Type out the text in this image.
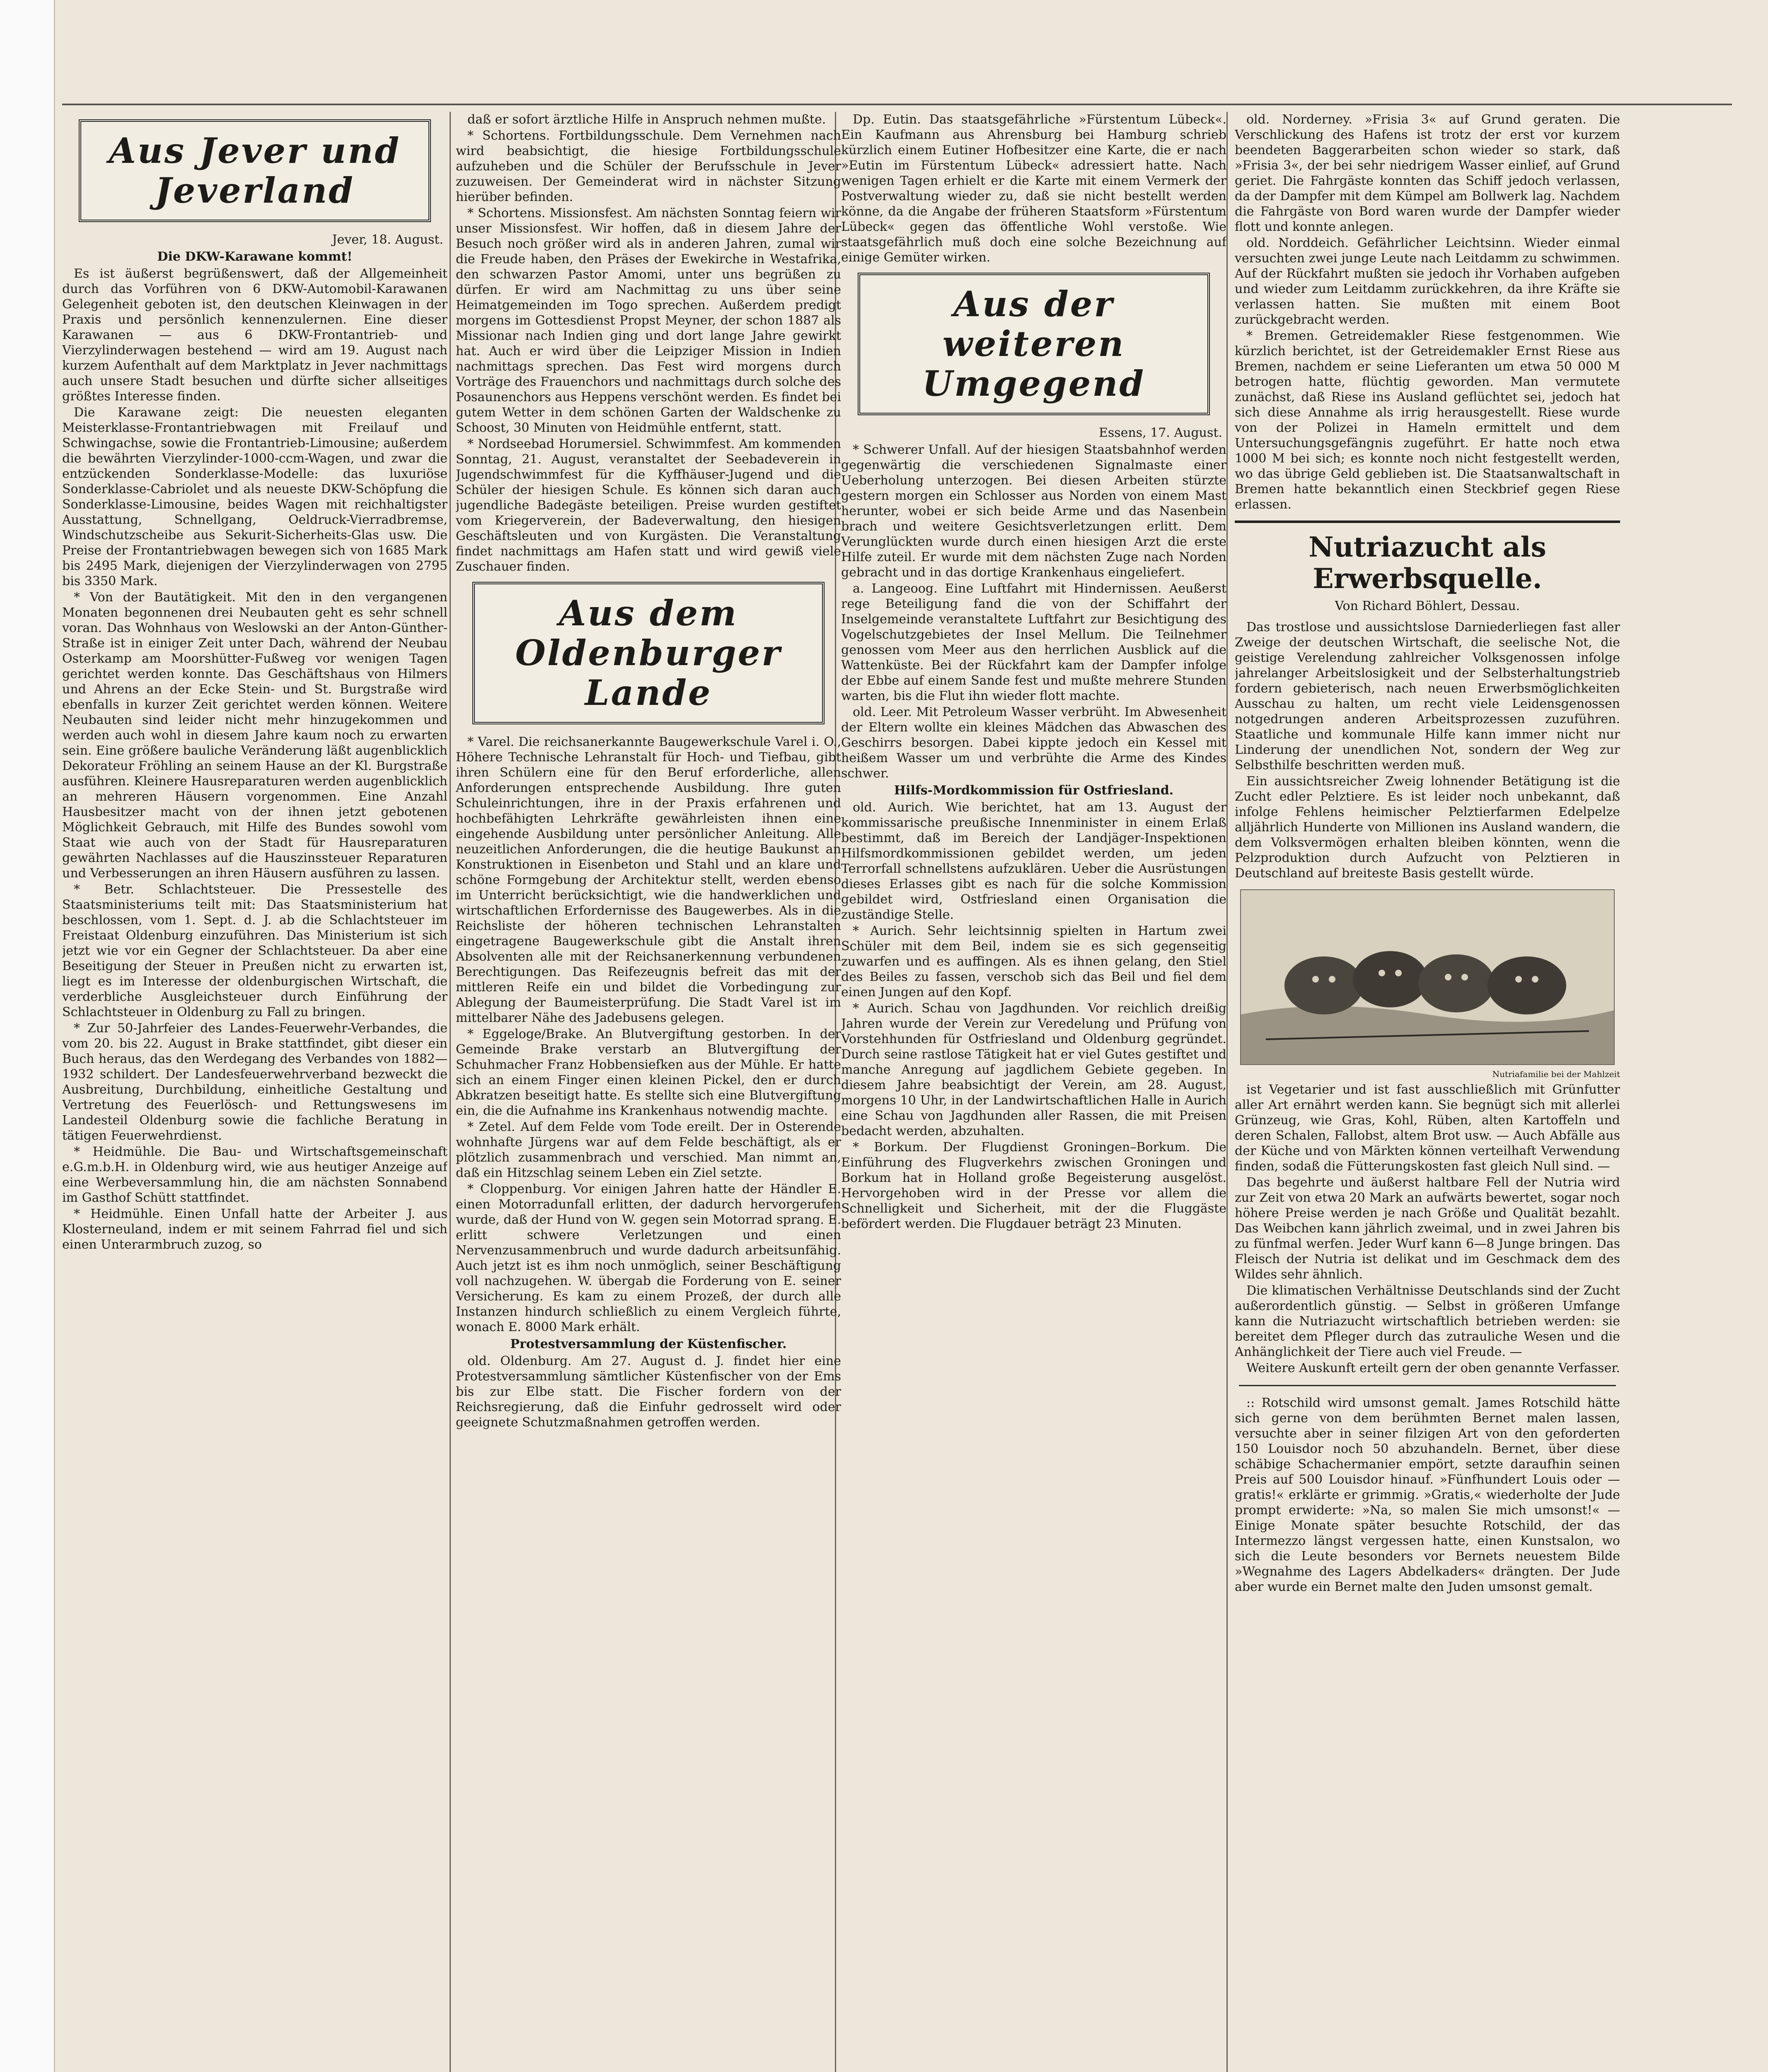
Aus Jever und Jeverland
Jever, 18. August.
Die DKW-Karawane kommt!

Es ist äußerst begrüßenswert, daß der Allgemeinheit durch das Vorführen von 6 DKW-Automobil-Karawanen Gelegenheit geboten ist, den deutschen Kleinwagen in der Praxis und persönlich kennenzulernen. Eine dieser Karawanen — aus 6 DKW-Frontantrieb- und Vierzylinderwagen bestehend — wird am 19. August nach kurzem Aufenthalt auf dem Marktplatz in Jever nachmittags auch unsere Stadt besuchen und dürfte sicher allseitiges größtes Interesse finden.

Die Karawane zeigt: Die neuesten eleganten Meisterklasse-Frontantriebwagen mit Freilauf und Schwingachse, sowie die Frontantrieb-Limousine; außerdem die bewährten Vierzylinder-1000-ccm-Wagen, und zwar die entzückenden Sonderklasse-Modelle: das luxuriöse Sonderklasse-Cabriolet und als neueste DKW-Schöpfung die Sonderklasse-Limousine, beides Wagen mit reichhaltigster Ausstattung, Schnellgang, Oeldruck-Vierradbremse, Windschutzscheibe aus Sekurit-Sicherheits-Glas usw. Die Preise der Frontantriebwagen bewegen sich von 1685 Mark bis 2495 Mark, diejenigen der Vierzylinderwagen von 2795 bis 3350 Mark.

* Von der Bautätigkeit. Mit den in den vergangenen Monaten begonnenen drei Neubauten geht es sehr schnell voran. Das Wohnhaus von Weslowski an der Anton-Günther-Straße ist in einiger Zeit unter Dach, während der Neubau Osterkamp am Moorshütter-Fußweg vor wenigen Tagen gerichtet werden konnte. Das Geschäftshaus von Hilmers und Ahrens an der Ecke Stein- und St. Burgstraße wird ebenfalls in kurzer Zeit gerichtet werden können. Weitere Neubauten sind leider nicht mehr hinzugekommen und werden auch wohl in diesem Jahre kaum noch zu erwarten sein. Eine größere bauliche Veränderung läßt augenblicklich Dekorateur Fröhling an seinem Hause an der Kl. Burgstraße ausführen. Kleinere Hausreparaturen werden augenblicklich an mehreren Häusern vorgenommen. Eine Anzahl Hausbesitzer macht von der ihnen jetzt gebotenen Möglichkeit Gebrauch, mit Hilfe des Bundes sowohl vom Staat wie auch von der Stadt für Hausreparaturen gewährten Nachlasses auf die Hauszinssteuer Reparaturen und Verbesserungen an ihren Häusern ausführen zu lassen.

* Betr. Schlachtsteuer. Die Pressestelle des Staatsministeriums teilt mit: Das Staatsministerium hat beschlossen, vom 1. Sept. d. J. ab die Schlachtsteuer im Freistaat Oldenburg einzuführen. Das Ministerium ist sich jetzt wie vor ein Gegner der Schlachtsteuer. Da aber eine Beseitigung der Steuer in Preußen nicht zu erwarten ist, liegt es im Interesse der oldenburgischen Wirtschaft, die verderbliche Ausgleichsteuer durch Einführung der Schlachtsteuer in Oldenburg zu Fall zu bringen.

* Zur 50-Jahrfeier des Landes-Feuerwehr-Verbandes, die vom 20. bis 22. August in Brake stattfindet, gibt dieser ein Buch heraus, das den Werdegang des Verbandes von 1882—1932 schildert. Der Landesfeuerwehrverband bezweckt die Ausbreitung, Durchbildung, einheitliche Gestaltung und Vertretung des Feuerlösch- und Rettungswesens im Landesteil Oldenburg sowie die fachliche Beratung in tätigen Feuerwehrdienst.

* Heidmühle. Die Bau- und Wirtschaftsgemeinschaft e.G.m.b.H. in Oldenburg wird, wie aus heutiger Anzeige auf eine Werbeversammlung hin, die am nächsten Sonnabend im Gasthof Schütt stattfindet.

* Heidmühle. Einen Unfall hatte der Arbeiter J. aus Klosterneuland, indem er mit seinem Fahrrad fiel und sich einen Unterarmbruch zuzog, so

daß er sofort ärztliche Hilfe in Anspruch nehmen mußte.

* Schortens. Fortbildungsschule. Dem Vernehmen nach wird beabsichtigt, die hiesige Fortbildungsschule aufzuheben und die Schüler der Berufsschule in Jever zuzuweisen. Der Gemeinderat wird in nächster Sitzung hierüber befinden.

* Schortens. Missionsfest. Am nächsten Sonntag feiern wir unser Missionsfest. Wir hoffen, daß in diesem Jahre der Besuch noch größer wird als in anderen Jahren, zumal wir die Freude haben, den Präses der Ewekirche in Westafrika, den schwarzen Pastor Amomi, unter uns begrüßen zu dürfen. Er wird am Nachmittag zu uns über seine Heimatgemeinden im Togo sprechen. Außerdem predigt morgens im Gottesdienst Propst Meyner, der schon 1887 als Missionar nach Indien ging und dort lange Jahre gewirkt hat. Auch er wird über die Leipziger Mission in Indien nachmittags sprechen. Das Fest wird morgens durch Vorträge des Frauenchors und nachmittags durch solche des Posaunenchors aus Heppens verschönt werden. Es findet bei gutem Wetter in dem schönen Garten der Waldschenke zu Schoost, 30 Minuten von Heidmühle entfernt, statt.

* Nordseebad Horumersiel. Schwimmfest. Am kommenden Sonntag, 21. August, veranstaltet der Seebadeverein in Jugendschwimmfest für die Kyffhäuser-Jugend und die Schüler der hiesigen Schule. Es können sich daran auch jugendliche Badegäste beteiligen. Preise wurden gestiftet vom Kriegerverein, der Badeverwaltung, den hiesigen Geschäftsleuten und von Kurgästen. Die Veranstaltung findet nachmittags am Hafen statt und wird gewiß viele Zuschauer finden.

Aus dem Oldenburger Lande

* Varel. Die reichsanerkannte Baugewerkschule Varel i. O., Höhere Technische Lehranstalt für Hoch- und Tiefbau, gibt ihren Schülern eine für den Beruf erforderliche, allen Anforderungen entsprechende Ausbildung. Ihre guten Schuleinrichtungen, ihre in der Praxis erfahrenen und hochbefähigten Lehrkräfte gewährleisten ihnen eine eingehende Ausbildung unter persönlicher Anleitung. Alle neuzeitlichen Anforderungen, die die heutige Baukunst an Konstruktionen in Eisenbeton und Stahl und an klare und schöne Formgebung der Architektur stellt, werden ebenso im Unterricht berücksichtigt, wie die handwerklichen und wirtschaftlichen Erfordernisse des Baugewerbes. Als in die Reichsliste der höheren technischen Lehranstalten eingetragene Baugewerkschule gibt die Anstalt ihren Absolventen alle mit der Reichsanerkennung verbundenen Berechtigungen. Das Reifezeugnis befreit das mit der mittleren Reife ein und bildet die Vorbedingung zur Ablegung der Baumeisterprüfung. Die Stadt Varel ist im mittelbarer Nähe des Jadebusens gelegen.

* Eggeloge/Brake. An Blutvergiftung gestorben. In der Gemeinde Brake verstarb an Blutvergiftung der Schuhmacher Franz Hobbensiefken aus der Mühle. Er hatte sich an einem Finger einen kleinen Pickel, den er durch Abkratzen beseitigt hatte. Es stellte sich eine Blutvergiftung ein, die die Aufnahme ins Krankenhaus notwendig machte.

* Zetel. Auf dem Felde vom Tode ereilt. Der in Osterende wohnhafte Jürgens war auf dem Felde beschäftigt, als er plötzlich zusammenbrach und verschied. Man nimmt an, daß ein Hitzschlag seinem Leben ein Ziel setzte.

* Cloppenburg. Vor einigen Jahren hatte der Händler E. einen Motorradunfall erlitten, der dadurch hervorgerufen wurde, daß der Hund von W. gegen sein Motorrad sprang. E. erlitt schwere Verletzungen und einen Nervenzusammenbruch und wurde dadurch arbeitsunfähig. Auch jetzt ist es ihm noch unmöglich, seiner Beschäftigung voll nachzugehen. W. übergab die Forderung von E. seiner Versicherung. Es kam zu einem Prozeß, der durch alle Instanzen hindurch schließlich zu einem Vergleich führte, wonach E. 8000 Mark erhält.

Protestversammlung der Küstenfischer.

old. Oldenburg. Am 27. August d. J. findet hier eine Protestversammlung sämtlicher Küstenfischer von der Ems bis zur Elbe statt. Die Fischer fordern von der Reichsregierung, daß die Einfuhr gedrosselt wird oder geeignete Schutzmaßnahmen getroffen werden.

Dp. Eutin. Das staatsgefährliche »Fürstentum Lübeck«. Ein Kaufmann aus Ahrensburg bei Hamburg schrieb kürzlich einem Eutiner Hofbesitzer eine Karte, die er nach »Eutin im Fürstentum Lübeck« adressiert hatte. Nach wenigen Tagen erhielt er die Karte mit einem Vermerk der Postverwaltung wieder zu, daß sie nicht bestellt werden könne, da die Angabe der früheren Staatsform »Fürstentum Lübeck« gegen das öffentliche Wohl verstoße. Wie staatsgefährlich muß doch eine solche Bezeichnung auf einige Gemüter wirken.

Aus der weiteren Umgegend
Essens, 17. August.

* Schwerer Unfall. Auf der hiesigen Staatsbahnhof werden gegenwärtig die verschiedenen Signalmaste einer Ueberholung unterzogen. Bei diesen Arbeiten stürzte gestern morgen ein Schlosser aus Norden von einem Mast herunter, wobei er sich beide Arme und das Nasenbein brach und weitere Gesichtsverletzungen erlitt. Dem Verunglückten wurde durch einen hiesigen Arzt die erste Hilfe zuteil. Er wurde mit dem nächsten Zuge nach Norden gebracht und in das dortige Krankenhaus eingeliefert.

a. Langeoog. Eine Luftfahrt mit Hindernissen. Aeußerst rege Beteiligung fand die von der Schiffahrt der Inselgemeinde veranstaltete Luftfahrt zur Besichtigung des Vogelschutzgebietes der Insel Mellum. Die Teilnehmer genossen vom Meer aus den herrlichen Ausblick auf die Wattenküste. Bei der Rückfahrt kam der Dampfer infolge der Ebbe auf einem Sande fest und mußte mehrere Stunden warten, bis die Flut ihn wieder flott machte.

old. Leer. Mit Petroleum Wasser verbrüht. Im Abwesenheit der Eltern wollte ein kleines Mädchen das Abwaschen des Geschirrs besorgen. Dabei kippte jedoch ein Kessel mit heißem Wasser um und verbrühte die Arme des Kindes schwer.

Hilfs-Mordkommission für Ostfriesland.

old. Aurich. Wie berichtet, hat am 13. August der kommissarische preußische Innenminister in einem Erlaß bestimmt, daß im Bereich der Landjäger-Inspektionen Hilfsmordkommissionen gebildet werden, um jeden Terrorfall schnellstens aufzuklären. Ueber die Ausrüstungen dieses Erlasses gibt es nach für die solche Kommission gebildet wird, Ostfriesland einen Organisation die zuständige Stelle.

* Aurich. Sehr leichtsinnig spielten in Hartum zwei Schüler mit dem Beil, indem sie es sich gegenseitig zuwarfen und es auffingen. Als es ihnen gelang, den Stiel des Beiles zu fassen, verschob sich das Beil und fiel dem einen Jungen auf den Kopf.

* Aurich. Schau von Jagdhunden. Vor reichlich dreißig Jahren wurde der Verein zur Veredelung und Prüfung von Vorstehhunden für Ostfriesland und Oldenburg gegründet. Durch seine rastlose Tätigkeit hat er viel Gutes gestiftet und manche Anregung auf jagdlichem Gebiete gegeben. In diesem Jahre beabsichtigt der Verein, am 28. August, morgens 10 Uhr, in der Landwirtschaftlichen Halle in Aurich eine Schau von Jagdhunden aller Rassen, die mit Preisen bedacht werden, abzuhalten.

* Borkum. Der Flugdienst Groningen–Borkum. Die Einführung des Flugverkehrs zwischen Groningen und Borkum hat in Holland große Begeisterung ausgelöst. Hervorgehoben wird in der Presse vor allem die Schnelligkeit und Sicherheit, mit der die Fluggäste befördert werden. Die Flugdauer beträgt 23 Minuten.

old. Norderney. »Frisia 3« auf Grund geraten. Die Verschlickung des Hafens ist trotz der erst vor kurzem beendeten Baggerarbeiten schon wieder so stark, daß »Frisia 3«, der bei sehr niedrigem Wasser einlief, auf Grund geriet. Die Fahrgäste konnten das Schiff jedoch verlassen, da der Dampfer mit dem Kümpel am Bollwerk lag. Nachdem die Fahrgäste von Bord waren wurde der Dampfer wieder flott und konnte anlegen.

old. Norddeich. Gefährlicher Leichtsinn. Wieder einmal versuchten zwei junge Leute nach Leitdamm zu schwimmen. Auf der Rückfahrt mußten sie jedoch ihr Vorhaben aufgeben und wieder zum Leitdamm zurückkehren, da ihre Kräfte sie verlassen hatten. Sie mußten mit einem Boot zurückgebracht werden.

* Bremen. Getreidemakler Riese festgenommen. Wie kürzlich berichtet, ist der Getreidemakler Ernst Riese aus Bremen, nachdem er seine Lieferanten um etwa 50 000 M betrogen hatte, flüchtig geworden. Man vermutete zunächst, daß Riese ins Ausland geflüchtet sei, jedoch hat sich diese Annahme als irrig herausgestellt. Riese wurde von der Polizei in Hameln ermittelt und dem Untersuchungsgefängnis zugeführt. Er hatte noch etwa 1000 M bei sich; es konnte noch nicht festgestellt werden, wo das übrige Geld geblieben ist. Die Staatsanwaltschaft in Bremen hatte bekanntlich einen Steckbrief gegen Riese erlassen.

Nutriazucht als Erwerbsquelle.
Von Richard Böhlert, Dessau.

Das trostlose und aussichtslose Darniederliegen fast aller Zweige der deutschen Wirtschaft, die seelische Not, die geistige Verelendung zahlreicher Volksgenossen infolge jahrelanger Arbeitslosigkeit und der Selbsterhaltungstrieb fordern gebieterisch, nach neuen Erwerbsmöglichkeiten Ausschau zu halten, um recht viele Leidensgenossen notgedrungen anderen Arbeitsprozessen zuzuführen. Staatliche und kommunale Hilfe kann immer nicht nur Linderung der unendlichen Not, sondern der Weg zur Selbsthilfe beschritten werden muß.

Ein aussichtsreicher Zweig lohnender Betätigung ist die Zucht edler Pelztiere. Es ist leider noch unbekannt, daß infolge Fehlens heimischer Pelztierfarmen Edelpelze alljährlich Hunderte von Millionen ins Ausland wandern, die dem Volksvermögen erhalten bleiben könnten, wenn die Pelzproduktion durch Aufzucht von Pelztieren in Deutschland auf breiteste Basis gestellt würde.

Nutriafamilie bei der Mahlzeit

ist Vegetarier und ist fast ausschließlich mit Grünfutter aller Art ernährt werden kann. Sie begnügt sich mit allerlei Grünzeug, wie Gras, Kohl, Rüben, alten Kartoffeln und deren Schalen, Fallobst, altem Brot usw. — Auch Abfälle aus der Küche und von Märkten können verteilhaft Verwendung finden, sodaß die Fütterungskosten fast gleich Null sind. —

Das begehrte und äußerst haltbare Fell der Nutria wird zur Zeit von etwa 20 Mark an aufwärts bewertet, sogar noch höhere Preise werden je nach Größe und Qualität bezahlt. Das Weibchen kann jährlich zweimal, und in zwei Jahren bis zu fünfmal werfen. Jeder Wurf kann 6—8 Junge bringen. Das Fleisch der Nutria ist delikat und im Geschmack dem des Wildes sehr ähnlich.

Die klimatischen Verhältnisse Deutschlands sind der Zucht außerordentlich günstig. — Selbst in größeren Umfange kann die Nutriazucht wirtschaftlich betrieben werden: sie bereitet dem Pfleger durch das zutrauliche Wesen und die Anhänglichkeit der Tiere auch viel Freude. —

Weitere Auskunft erteilt gern der oben genannte Verfasser.

:: Rotschild wird umsonst gemalt. James Rotschild hätte sich gerne von dem berühmten Bernet malen lassen, versuchte aber in seiner filzigen Art von den geforderten 150 Louisdor noch 50 abzuhandeln. Bernet, über diese schäbige Schachermanier empört, setzte daraufhin seinen Preis auf 500 Louisdor hinauf. »Fünfhundert Louis oder — gratis!« erklärte er grimmig. »Gratis,« wiederholte der Jude prompt erwiderte: »Na, so malen Sie mich umsonst!« — Einige Monate später besuchte Rotschild, der das Intermezzo längst vergessen hatte, einen Kunstsalon, wo sich die Leute besonders vor Bernets neuestem Bilde »Wegnahme des Lagers Abdelkaders« drängten. Der Jude aber wurde ein Bernet malte den Juden umsonst gemalt.
